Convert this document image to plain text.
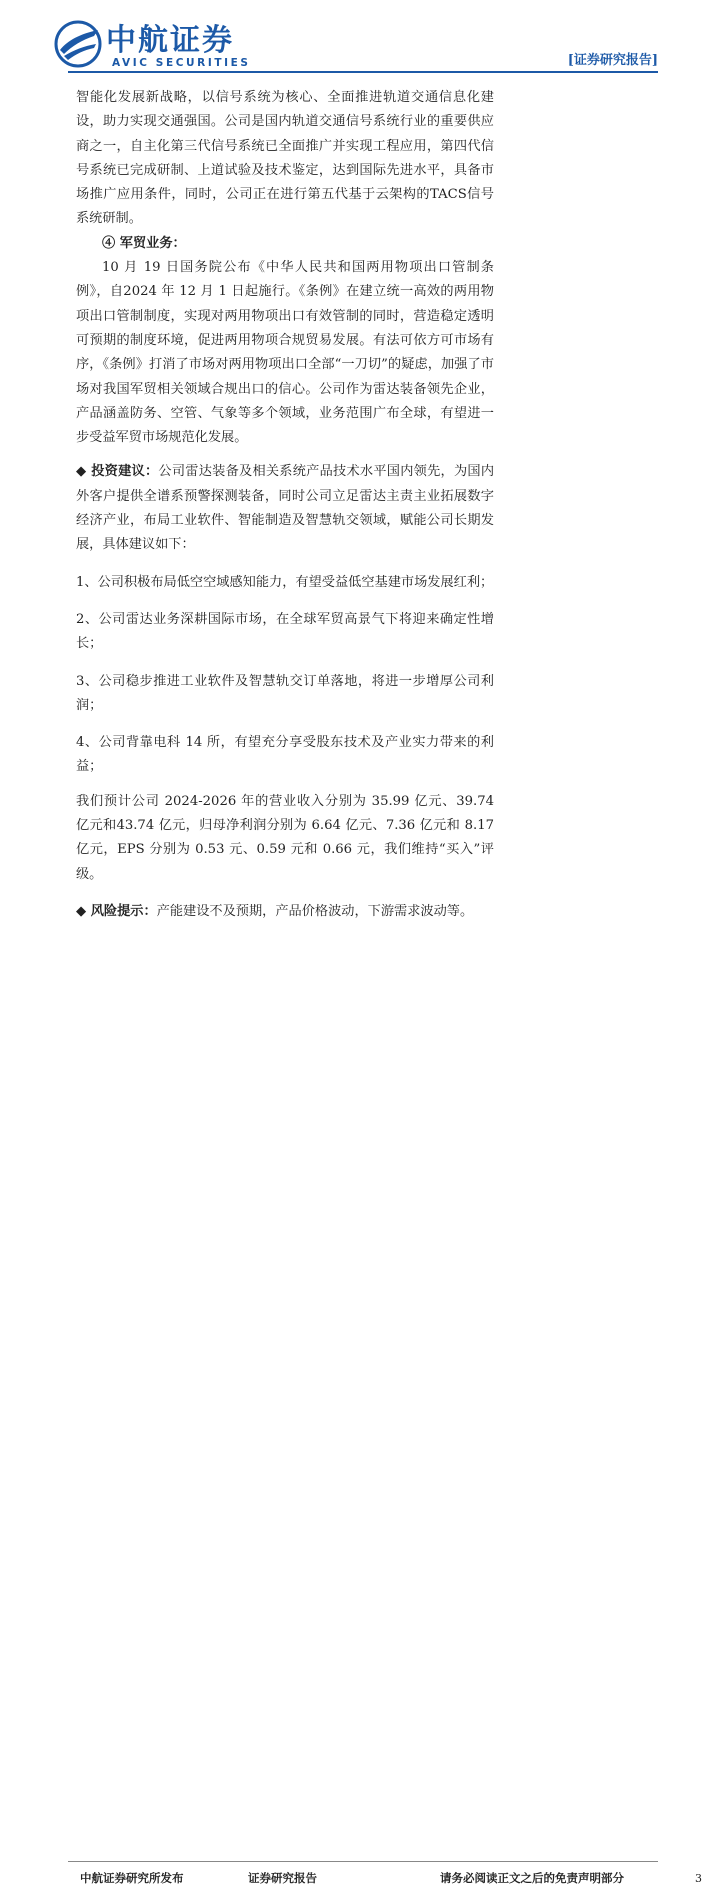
中航证券
AVIC SECURITIES	[证券研究报告]

智能化发展新战略，以信号系统为核心、全面推进轨道交通信息化建设，助力实现交通强国。公司是国内轨道交通信号系统行业的重要供应商之一，自主化第三代信号系统已全面推广并实现工程应用，第四代信号系统已完成研制、上道试验及技术鉴定，达到国际先进水平，具备市场推广应用条件，同时，公司正在进行第五代基于云架构的TACS信号系统研制。

④ 军贸业务：

10 月 19 日国务院公布《中华人民共和国两用物项出口管制条例》，自2024 年 12 月 1 日起施行。《条例》在建立统一高效的两用物项出口管制制度，实现对两用物项出口有效管制的同时，营造稳定透明可预期的制度环境，促进两用物项合规贸易发展。有法可依方可市场有序，《条例》打消了市场对两用物项出口全部“一刀切”的疑虑，加强了市场对我国军贸相关领域合规出口的信心。公司作为雷达装备领先企业，产品涵盖防务、空管、气象等多个领域，业务范围广布全球，有望进一步受益军贸市场规范化发展。

◆ 投资建议：公司雷达装备及相关系统产品技术水平国内领先，为国内外客户提供全谱系预警探测装备，同时公司立足雷达主责主业拓展数字经济产业，布局工业软件、智能制造及智慧轨交领域，赋能公司长期发展，具体建议如下：

1、公司积极布局低空空域感知能力，有望受益低空基建市场发展红利；

2、公司雷达业务深耕国际市场，在全球军贸高景气下将迎来确定性增长；

3、公司稳步推进工业软件及智慧轨交订单落地，将进一步增厚公司利润；

4、公司背靠电科 14 所，有望充分享受股东技术及产业实力带来的利益；

我们预计公司 2024-2026 年的营业收入分别为 35.99 亿元、39.74 亿元和43.74 亿元，归母净利润分别为 6.64 亿元、7.36 亿元和 8.17 亿元，EPS 分别为 0.53 元、0.59 元和 0.66 元，我们维持“买入”评级。

◆ 风险提示：产能建设不及预期，产品价格波动，下游需求波动等。

中航证券研究所发布	证券研究报告	请务必阅读正文之后的免责声明部分	3
